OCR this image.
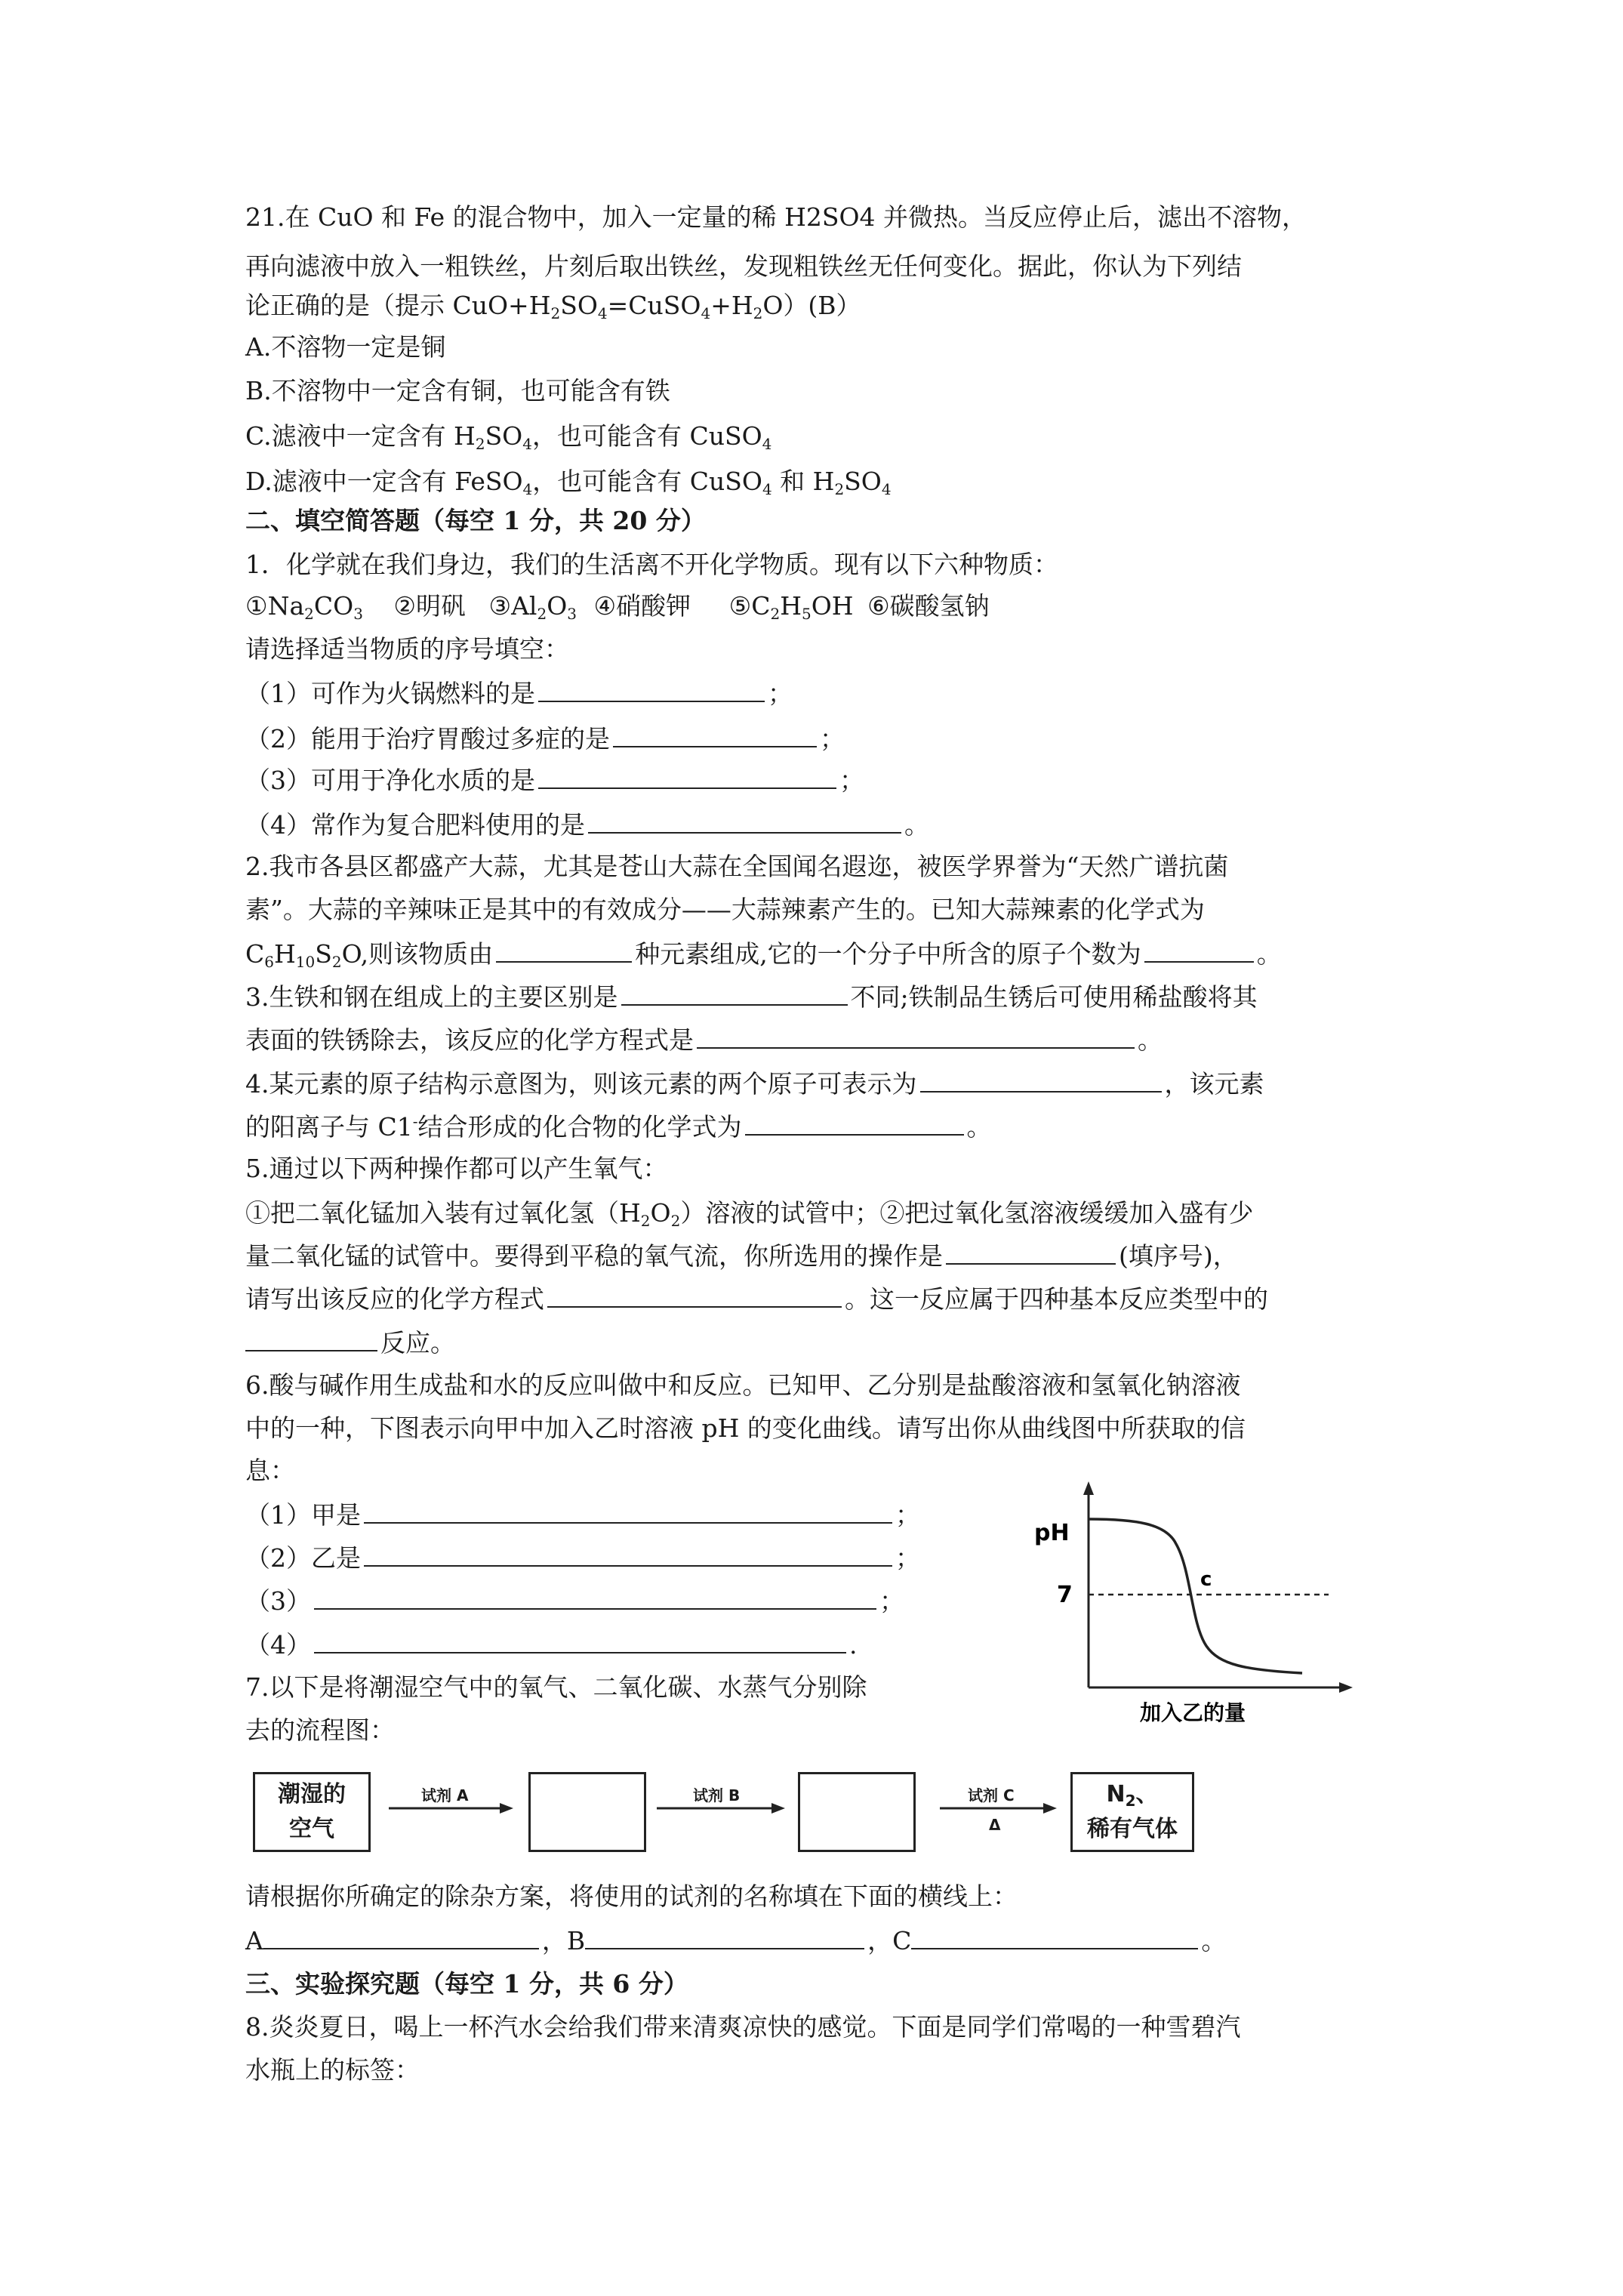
21.在 CuO 和 Fe 的混合物中，加入一定量的稀 H2SO4 并微热。当反应停止后，滤出不溶物，
再向滤液中放入一粗铁丝，片刻后取出铁丝，发现粗铁丝无任何变化。据此，你认为下列结
论正确的是（提示 $CuO+H_2SO_4=CuSO_4+H_2O)(B)$
A.不溶物一定是铜
B.不溶物中一定含有铜，也可能含有铁
C.滤液中一定含有 $H_2SO_4$，也可能含有 CuSO$_4$
D.滤液中一定含有 FeSO$_4$，也可能含有 CuSO$_4$ 和 $H_2SO_4$
二、填空简答题（每空 1 分，共 20 分）
1．化学就在我们身边，我们的生活离不开化学物质。现有以下六种物质：
$①Na_2CO_3$ ②明矾 $③Al_2O_3$ ④硝酸钾 $⑤C_2H_5OH$ ⑥碳酸氢钠
请选择适当物质的序号填空：
（1）可作为火锅燃料的是	；
（2）能用于治疗胃酸过多症的是	；
（3）可用于净化水质的是	；
（4）常作为复合肥料使用的是	。
2.我市各县区都盛产大蒜，尤其是苍山大蒜在全国闻名遐迩，被医学界誉为“天然广谱抗菌
素”。大蒜的辛辣味正是其中的有效成分——大蒜辣素产生的。已知大蒜辣素的化学式为
$C_6H_{10}S_2O$,则该物质由	种元素组成,它的一个分子中所含的原子个数为	。
3.生铁和钢在组成上的主要区别是	不同;铁制品生锈后可使用稀盐酸将其
表面的铁锈除去，该反应的化学方程式是	。
4.某元素的原子结构示意图为，则该元素的两个原子可表示为	，该元素
的阳离子与 C1-结合形成的化合物的化学式为	。
5.通过以下两种操作都可以产生氧气：
①把二氧化锰加入装有过氧化氢$(H_2O_2)$溶液的试管中；②把过氧化氢溶液缓缓加入盛有少
量二氧化锰的试管中。要得到平稳的氧气流，你所选用的操作是	(填序号)，
请写出该反应的化学方程式	。这一反应属于四种基本反应类型中的
反应。
6.酸与碱作用生成盐和水的反应叫做中和反应。已知甲、乙分别是盐酸溶液和氢氧化钠溶液
中的一种，下图表示向甲中加入乙时溶液 pH 的变化曲线。请写出你从曲线图中所获取的信
息：
（1）甲是	；
（2）乙是	；
（3）	；
（4）	.
pH
7
c
加入乙的量
7.以下是将潮湿空气中的氧气、二氧化碳、水蒸气分别除
去的流程图：
潮湿的
空气
$N_2$、
稀有气体
试剂 A	试剂 B	试剂 C
Δ
请根据你所确定的除杂方案，将使用的试剂的名称填在下面的横线上：
A	，B	，C	。
三、实验探究题（每空 1 分，共 6 分）
8.炎炎夏日，喝上一杯汽水会给我们带来清爽凉快的感觉。下面是同学们常喝的一种雪碧汽
水瓶上的标签：
